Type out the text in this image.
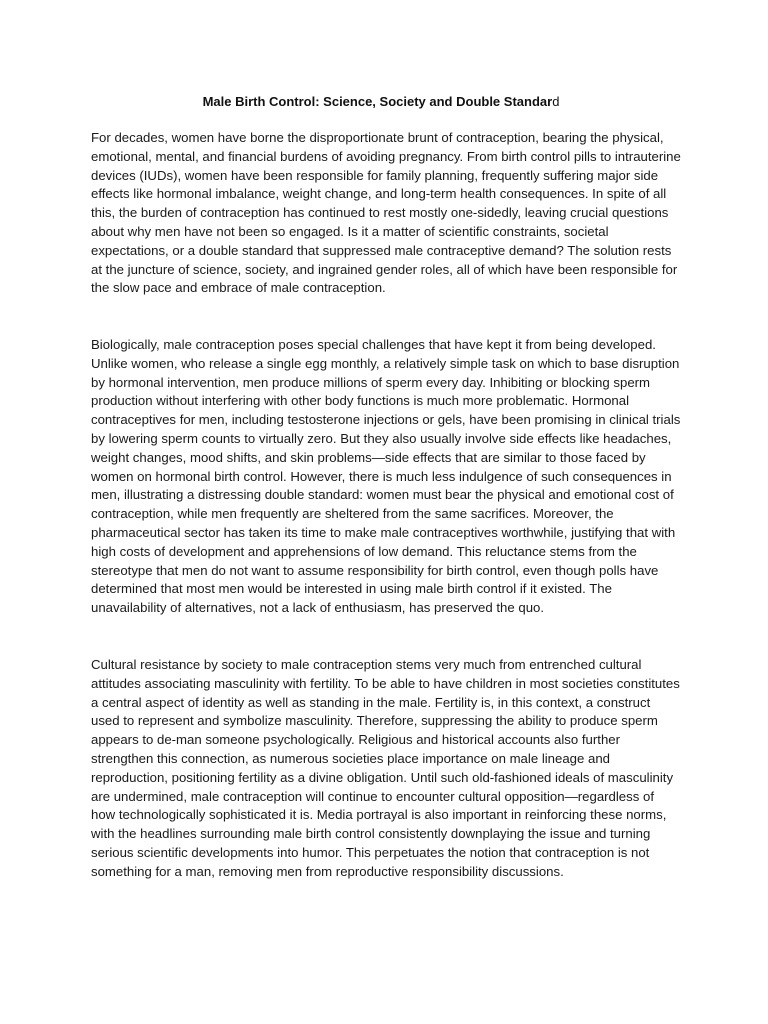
Male Birth Control: Science, Society and Double Standard

For decades, women have borne the disproportionate brunt of contraception, bearing the physical, emotional, mental, and financial burdens of avoiding pregnancy. From birth control pills to intrauterine devices (IUDs), women have been responsible for family planning, frequently suffering major side effects like hormonal imbalance, weight change, and long-term health consequences. In spite of all this, the burden of contraception has continued to rest mostly one-sidedly, leaving crucial questions about why men have not been so engaged. Is it a matter of scientific constraints, societal expectations, or a double standard that suppressed male contraceptive demand? The solution rests at the juncture of science, society, and ingrained gender roles, all of which have been responsible for the slow pace and embrace of male contraception.

Biologically, male contraception poses special challenges that have kept it from being developed. Unlike women, who release a single egg monthly, a relatively simple task on which to base disruption by hormonal intervention, men produce millions of sperm every day. Inhibiting or blocking sperm production without interfering with other body functions is much more problematic. Hormonal contraceptives for men, including testosterone injections or gels, have been promising in clinical trials by lowering sperm counts to virtually zero. But they also usually involve side effects like headaches, weight changes, mood shifts, and skin problems—side effects that are similar to those faced by women on hormonal birth control. However, there is much less indulgence of such consequences in men, illustrating a distressing double standard: women must bear the physical and emotional cost of contraception, while men frequently are sheltered from the same sacrifices. Moreover, the pharmaceutical sector has taken its time to make male contraceptives worthwhile, justifying that with high costs of development and apprehensions of low demand. This reluctance stems from the stereotype that men do not want to assume responsibility for birth control, even though polls have determined that most men would be interested in using male birth control if it existed. The unavailability of alternatives, not a lack of enthusiasm, has preserved the quo.

Cultural resistance by society to male contraception stems very much from entrenched cultural attitudes associating masculinity with fertility. To be able to have children in most societies constitutes a central aspect of identity as well as standing in the male. Fertility is, in this context, a construct used to represent and symbolize masculinity. Therefore, suppressing the ability to produce sperm appears to de-man someone psychologically. Religious and historical accounts also further strengthen this connection, as numerous societies place importance on male lineage and reproduction, positioning fertility as a divine obligation. Until such old-fashioned ideals of masculinity are undermined, male contraception will continue to encounter cultural opposition—regardless of how technologically sophisticated it is. Media portrayal is also important in reinforcing these norms, with the headlines surrounding male birth control consistently downplaying the issue and turning serious scientific developments into humor. This perpetuates the notion that contraception is not something for a man, removing men from reproductive responsibility discussions.
